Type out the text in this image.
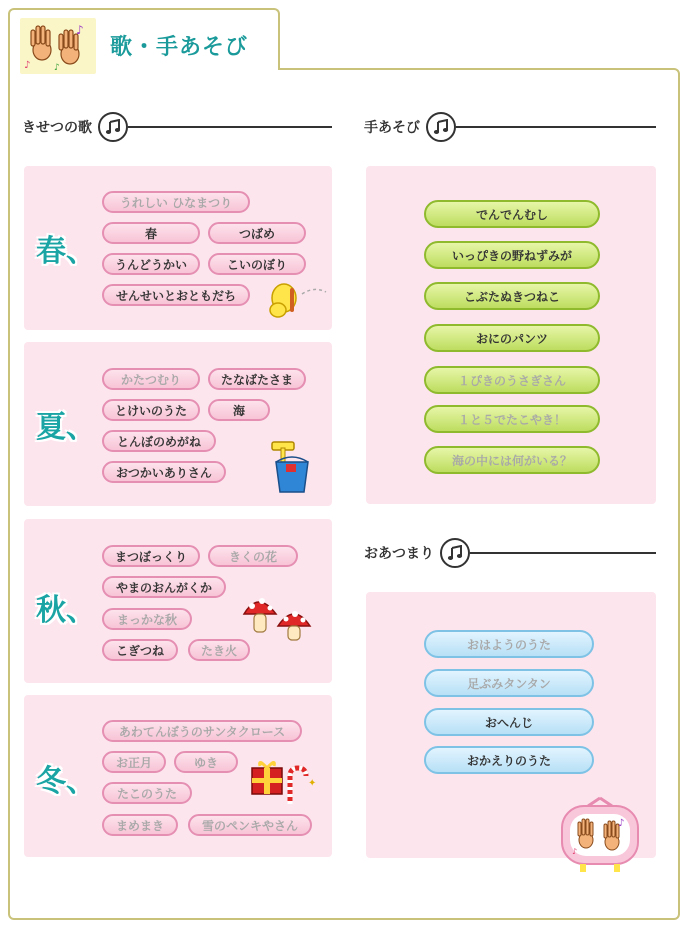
♪
♪	♪
歌・手あそび
きせつの歌	手あそび
おあつまり
春、
夏、
秋、
冬、
うれしい ひなまつり
春	つばめ
うんどうかい	こいのぼり
せんせいとおともだち
かたつむり	たなばたさま
とけいのうた	海
とんぼのめがね
おつかいありさん
まつぼっくり	きくの花
やまのおんがくか
まっかな秋
こぎつね	たき火
あわてんぼうのサンタクロース
お正月	ゆき
たこのうた
まめまき	雪のペンキやさん
でんでんむし
いっぴきの野ねずみが
こぶたぬきつねこ
おにのパンツ
１ぴきのうさぎさん
１と５でたこやき！
海の中には何がいる？
おはようのうた
足ぶみタンタン
おへんじ
おかえりのうた
✦
♪
♪
